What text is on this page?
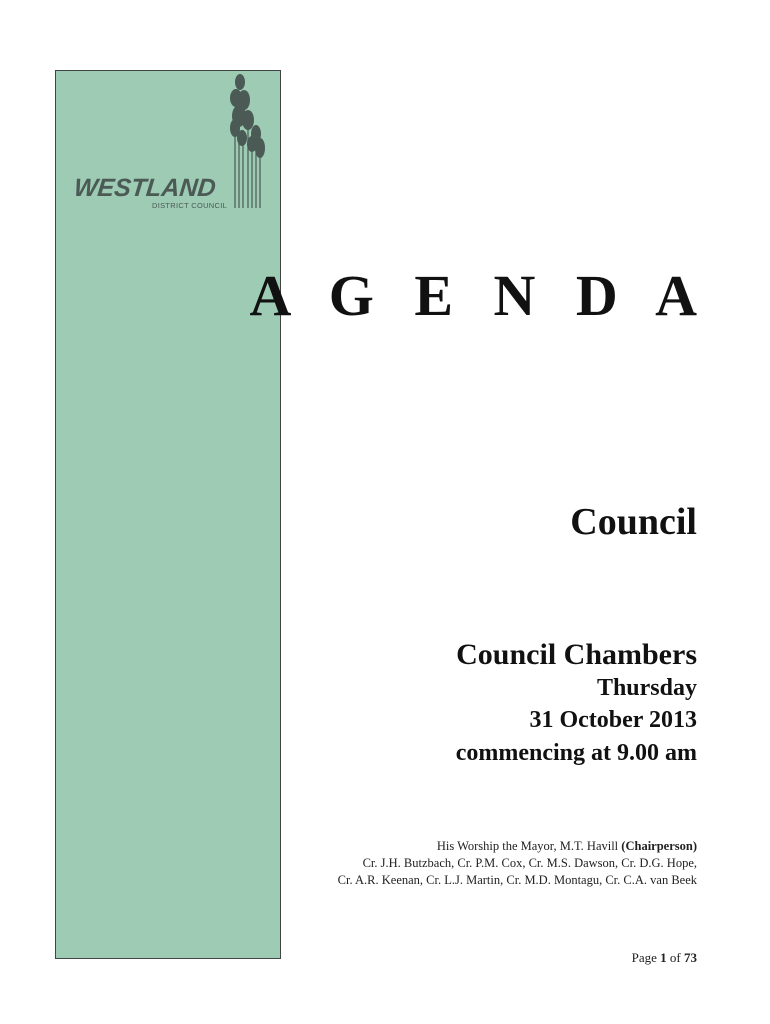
WESTLAND
DISTRICT COUNCIL
A G E N D A
Council
Council Chambers
Thursday
31 October 2013
commencing at 9.00 am
His Worship the Mayor, M.T. Havill (Chairperson)
Cr. J.H. Butzbach, Cr. P.M. Cox, Cr. M.S. Dawson, Cr. D.G. Hope,
Cr. A.R. Keenan, Cr. L.J. Martin, Cr. M.D. Montagu, Cr. C.A. van Beek
Page 1 of 73
